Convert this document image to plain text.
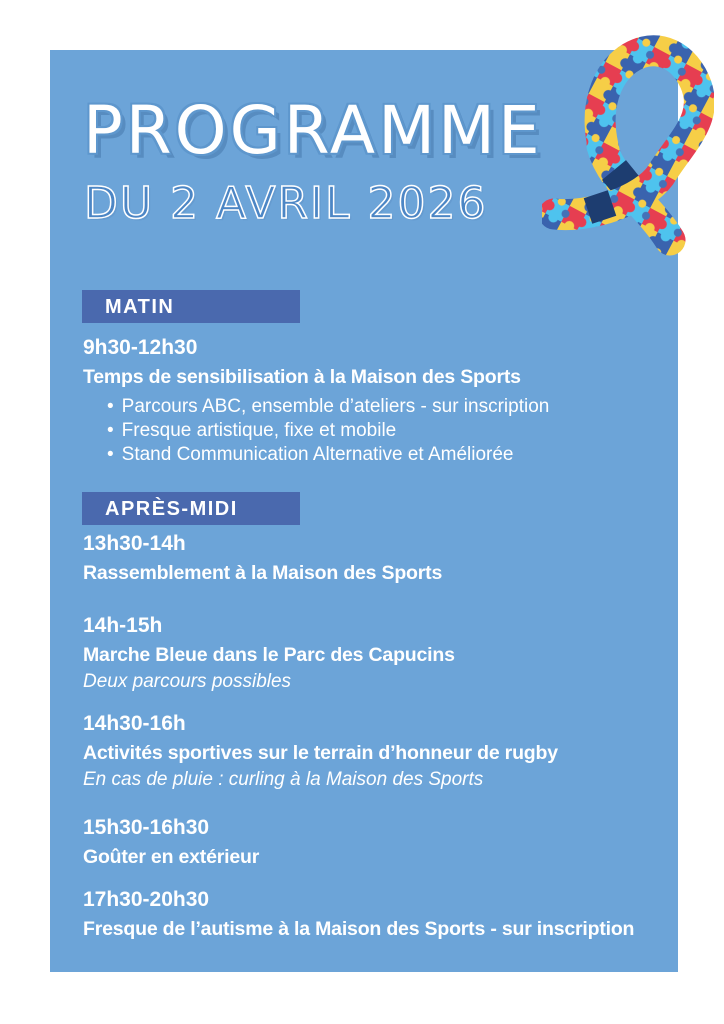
PROGRAMME
DU 2 AVRIL 2026
MATIN
9h30-12h30
Temps de sensibilisation à la Maison des Sports
• Parcours ABC, ensemble d’ateliers - sur inscription
• Fresque artistique, fixe et mobile
• Stand Communication Alternative et Améliorée
APRÈS-MIDI
13h30-14h
Rassemblement à la Maison des Sports
14h-15h
Marche Bleue dans le Parc des Capucins
Deux parcours possibles
14h30-16h
Activités sportives sur le terrain d’honneur de rugby
En cas de pluie : curling à la Maison des Sports
15h30-16h30
Goûter en extérieur
17h30-20h30
Fresque de l’autisme à la Maison des Sports - sur inscription
